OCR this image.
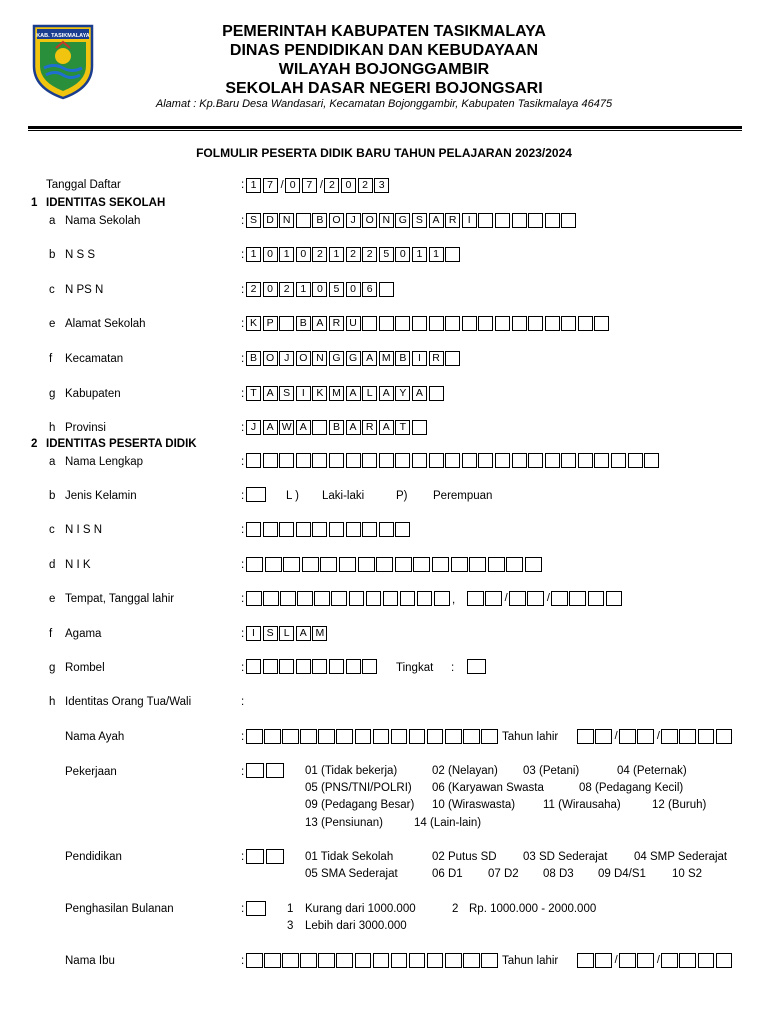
KAB. TASIKMALAYA	PEMERINTAH KABUPATEN TASIKMALAYA
DINAS PENDIDIKAN DAN KEBUDAYAAN
WILAYAH BOJONGGAMBIR
SEKOLAH DASAR NEGERI BOJONGSARI
Alamat : Kp.Baru Desa Wandasari, Kecamatan Bojonggambir, Kabupaten Tasikmalaya 46475
FOLMULIR PESERTA DIDIK BARU TAHUN PELAJARAN 2023/2024
Tanggal Daftar	: 1	7 / 0	7 / 2	0	2	3
1 IDENTITAS SEKOLAH
a Nama Sekolah	: S D N	B O J O N G S A R	I
b N S S	: 1	0	1	0	2	1	2	2	5	0	1	1
c N PS N	: 2	0	2	1	0	5	0	6
e Alamat Sekolah	: K P	B A R U
f Kecamatan	: B O J O N G G A M B	I	R
g Kabupaten	: T A S	I	K M A L A Y A
h Provinsi	: J A W A	B A R A T
2 IDENTITAS PESERTA DIDIK
a Nama Lengkap	:
b Jenis Kelamin	:	L ) Laki-laki	P) Perempuan
c N I S N	:
d N I K	:
e Tempat, Tanggal lahir	:	,	/	/
f Agama	: I	S L A M
g Rombel	:	Tingkat :
h Identitas Orang Tua/Wali	:
Nama Ayah	:	Tahun lahir	/	/
Pekerjaan	:	01 (Tidak bekerja)	02 (Nelayan) 03 (Petani)	04 (Peternak)
05 (PNS/TNI/POLRI) 06 (Karyawan Swasta	08 (Pedagang Kecil)
09 (Pedagang Besar) 10 (Wiraswasta) 11 (Wirausaha)	12 (Buruh)
13 (Pensiunan)	14 (Lain-lain)
Pendidikan	:	01 Tidak Sekolah	02 Putus SD 03 SD Sederajat 04 SMP Sederajat
05 SMA Sederajat	06 D1 07 D2 08 D3 09 D4/S1 10 S2
Penghasilan Bulanan	:	1 Kurang dari 1000.000	2 Rp. 1000.000 - 2000.000
3 Lebih dari 3000.000
Nama Ibu	:	Tahun lahir	/	/
